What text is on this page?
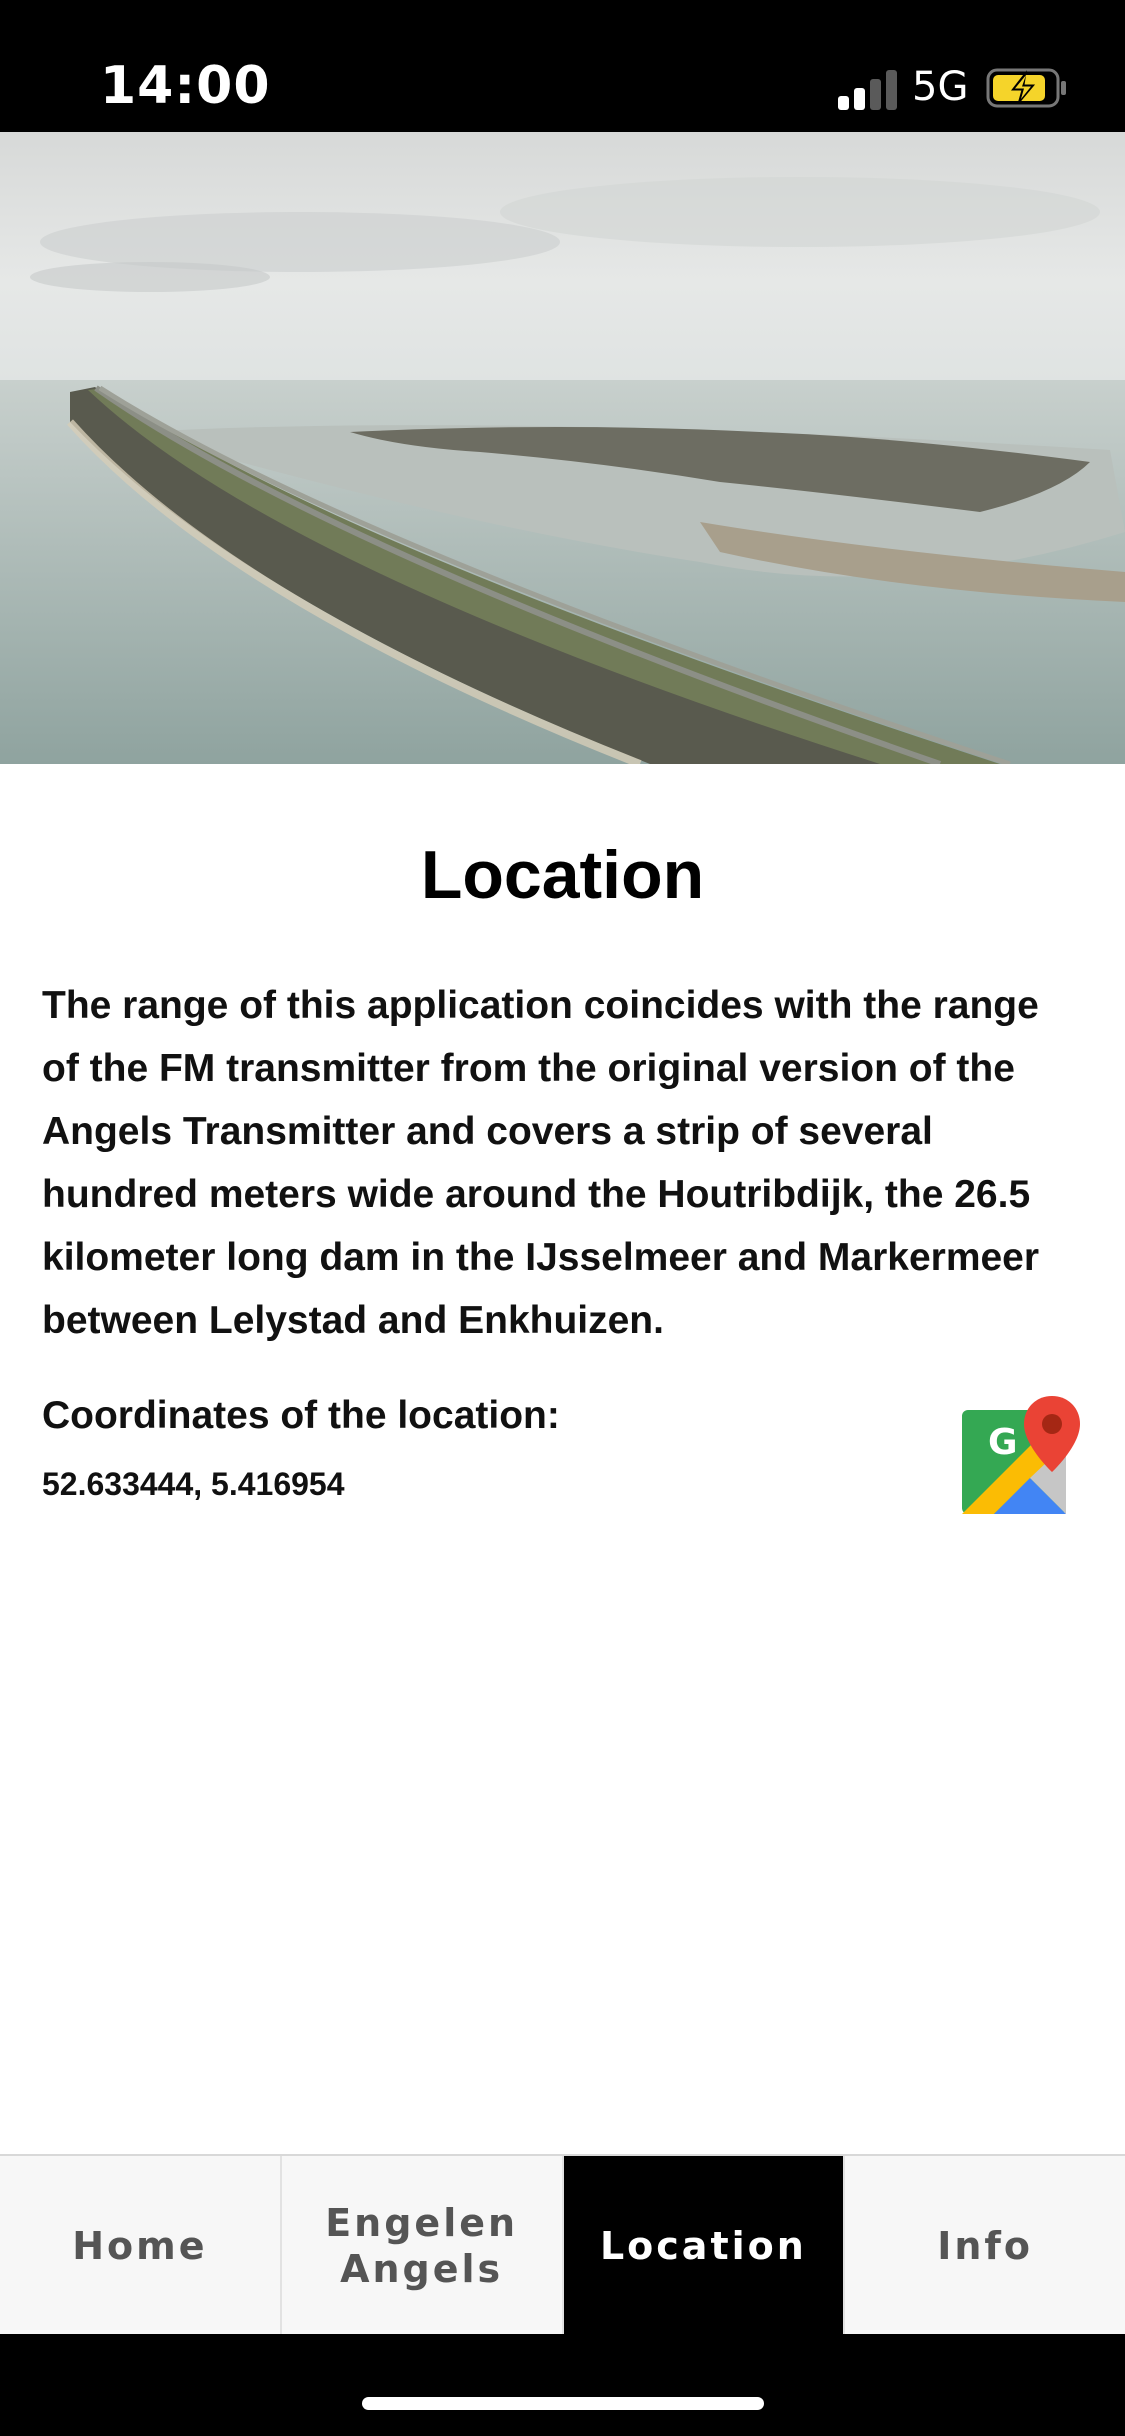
14:00	5G
Location
The range of this application coincides with the range of the FM transmitter from the original version of the Angels Transmitter and covers a strip of several hundred meters wide around the Houtribdijk, the 26.5 kilometer long dam in the IJsselmeer and Markermeer between Lelystad and Enkhuizen.
Coordinates of the location:
52.633444, 5.416954
G
Home
Engelen
Angels
Location	Info
